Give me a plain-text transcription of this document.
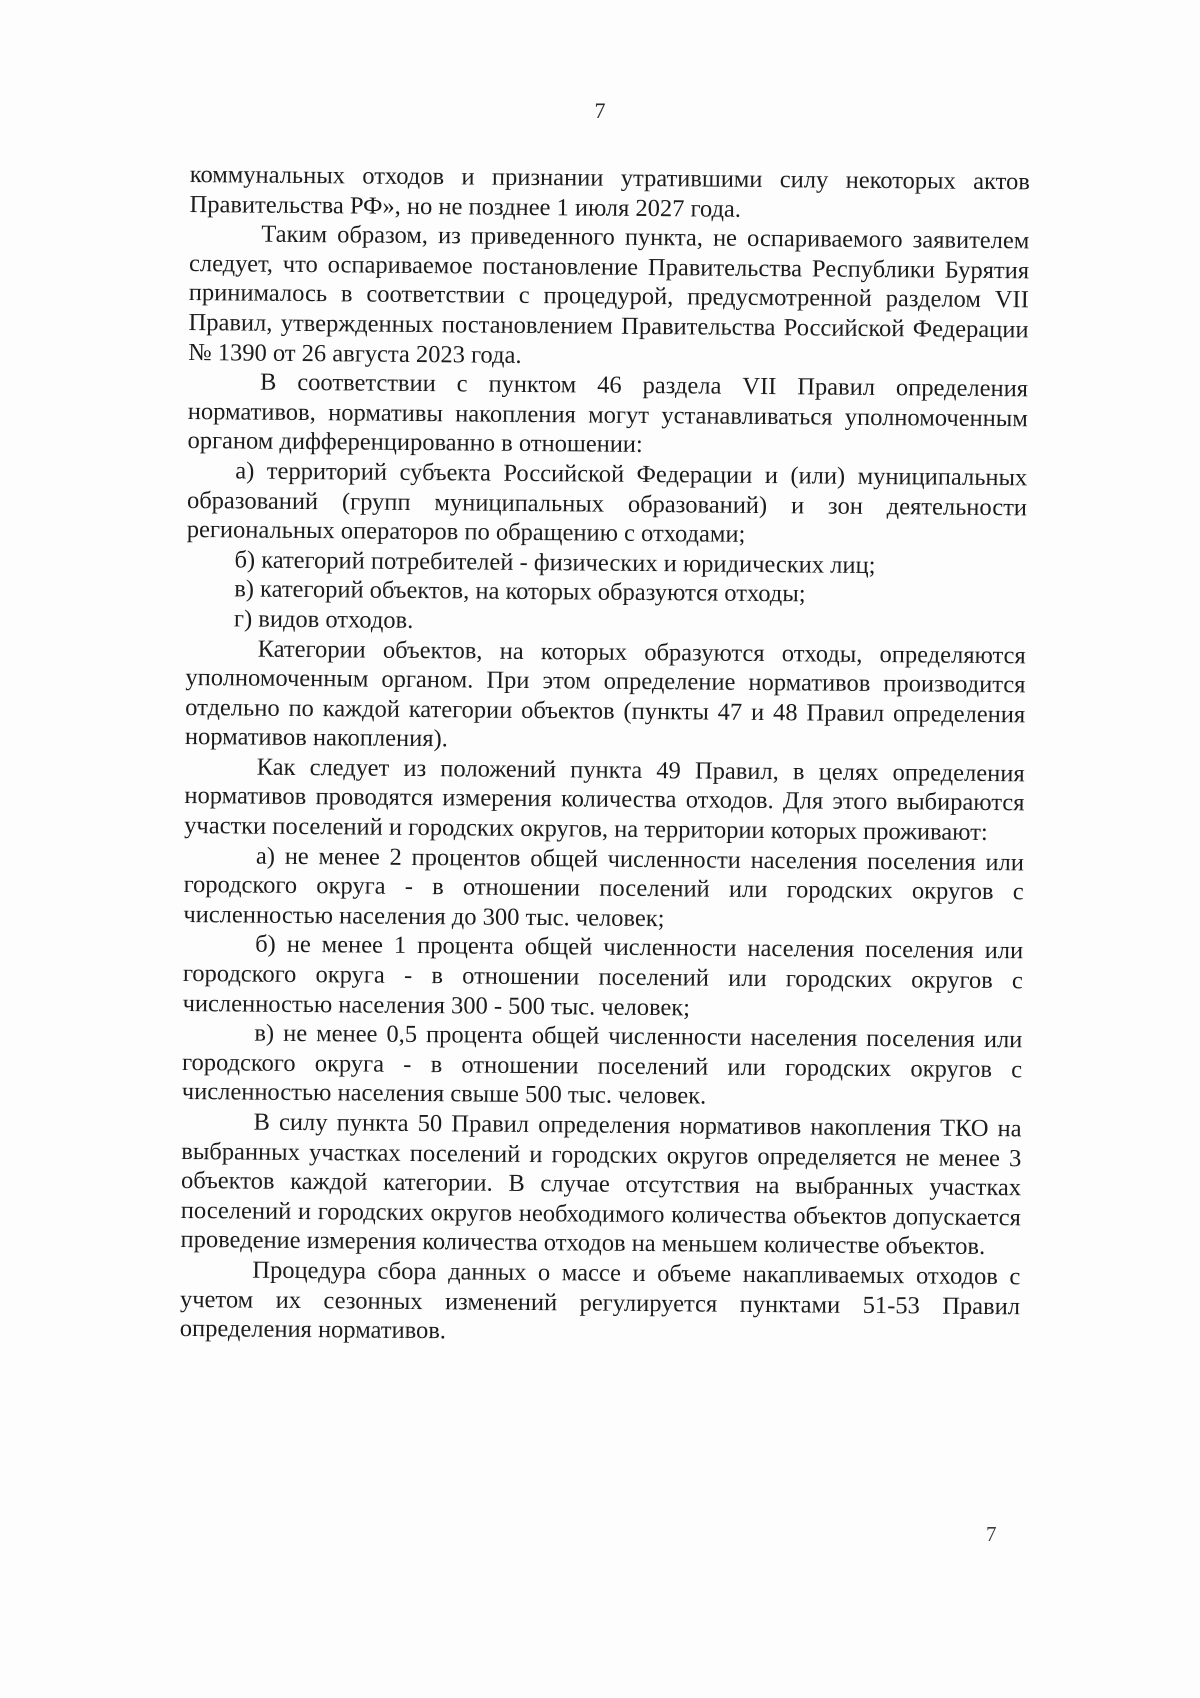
7

коммунальных отходов и признании утратившими силу некоторых актов Правительства РФ», но не позднее 1 июля 2027 года.

Таким образом, из приведенного пункта, не оспариваемого заявителем следует, что оспариваемое постановление Правительства Республики Бурятия принималось в соответствии с процедурой, предусмотренной разделом VII Правил, утвержденных постановлением Правительства Российской Федерации № 1390 от 26 августа 2023 года.

В соответствии с пунктом 46 раздела VII Правил определения нормативов, нормативы накопления могут устанавливаться уполномоченным органом дифференцированно в отношении:

а) территорий субъекта Российской Федерации и (или) муниципальных образований (групп муниципальных образований) и зон деятельности региональных операторов по обращению с отходами;

б) категорий потребителей - физических и юридических лиц;

в) категорий объектов, на которых образуются отходы;

г) видов отходов.

Категории объектов, на которых образуются отходы, определяются уполномоченным органом. При этом определение нормативов производится отдельно по каждой категории объектов (пункты 47 и 48 Правил определения нормативов накопления).

Как следует из положений пункта 49 Правил, в целях определения нормативов проводятся измерения количества отходов. Для этого выбираются участки поселений и городских округов, на территории которых проживают:

а) не менее 2 процентов общей численности населения поселения или городского округа - в отношении поселений или городских округов с численностью населения до 300 тыс. человек;

б) не менее 1 процента общей численности населения поселения или городского округа - в отношении поселений или городских округов с численностью населения 300 - 500 тыс. человек;

в) не менее 0,5 процента общей численности населения поселения или городского округа - в отношении поселений или городских округов с численностью населения свыше 500 тыс. человек.

В силу пункта 50 Правил определения нормативов накопления ТКО на выбранных участках поселений и городских округов определяется не менее 3 объектов каждой категории. В случае отсутствия на выбранных участках поселений и городских округов необходимого количества объектов допускается проведение измерения количества отходов на меньшем количестве объектов.

Процедура сбора данных о массе и объеме накапливаемых отходов с учетом их сезонных изменений регулируется пунктами 51-53 Правил определения нормативов.

7
